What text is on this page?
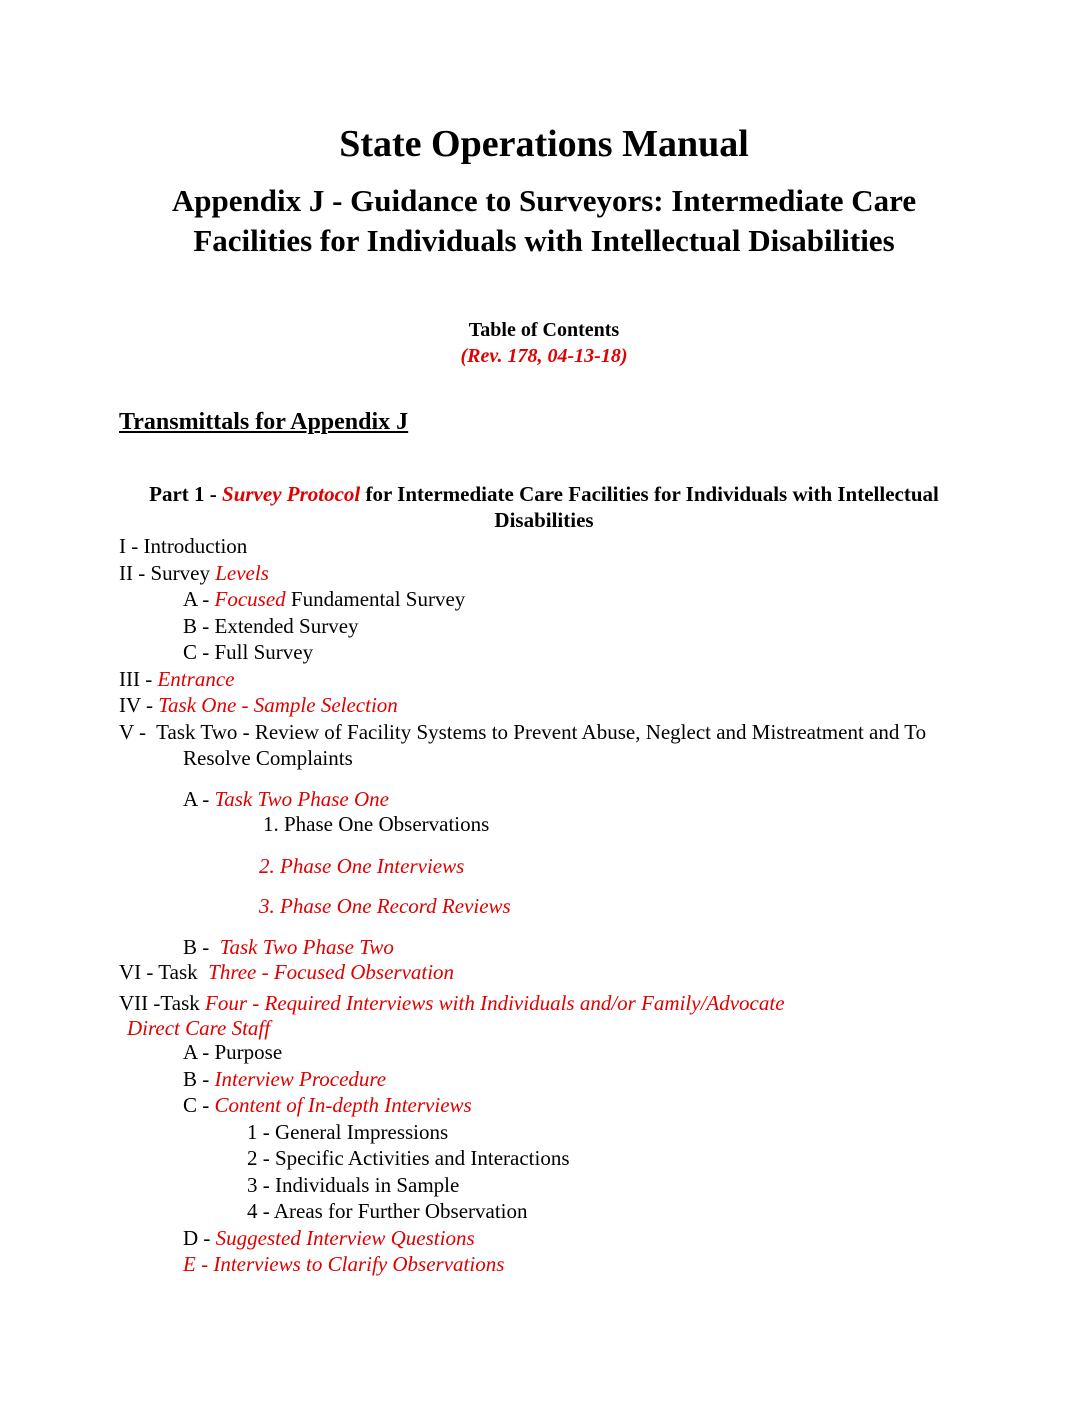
State Operations Manual
Appendix J - Guidance to Surveyors: Intermediate Care
Facilities for Individuals with Intellectual Disabilities
Table of Contents
(Rev. 178, 04-13-18)
Transmittals for Appendix J
Part 1 - Survey Protocol for Intermediate Care Facilities for Individuals with Intellectual
Disabilities
I - Introduction
II - Survey Levels
A - Focused Fundamental Survey
B - Extended Survey
C - Full Survey
III - Entrance
IV - Task One - Sample Selection
V -  Task Two - Review of Facility Systems to Prevent Abuse, Neglect and Mistreatment and To
Resolve Complaints
A - Task Two Phase One
1. Phase One Observations
2. Phase One Interviews
3. Phase One Record Reviews
B -  Task Two Phase Two
VI - Task  Three - Focused Observation
VII -Task Four - Required Interviews with Individuals and/or Family/Advocate
Direct Care Staff
A - Purpose
B - Interview Procedure
C - Content of In-depth Interviews
1 - General Impressions
2 - Specific Activities and Interactions
3 - Individuals in Sample
4 - Areas for Further Observation
D - Suggested Interview Questions
E - Interviews to Clarify Observations
